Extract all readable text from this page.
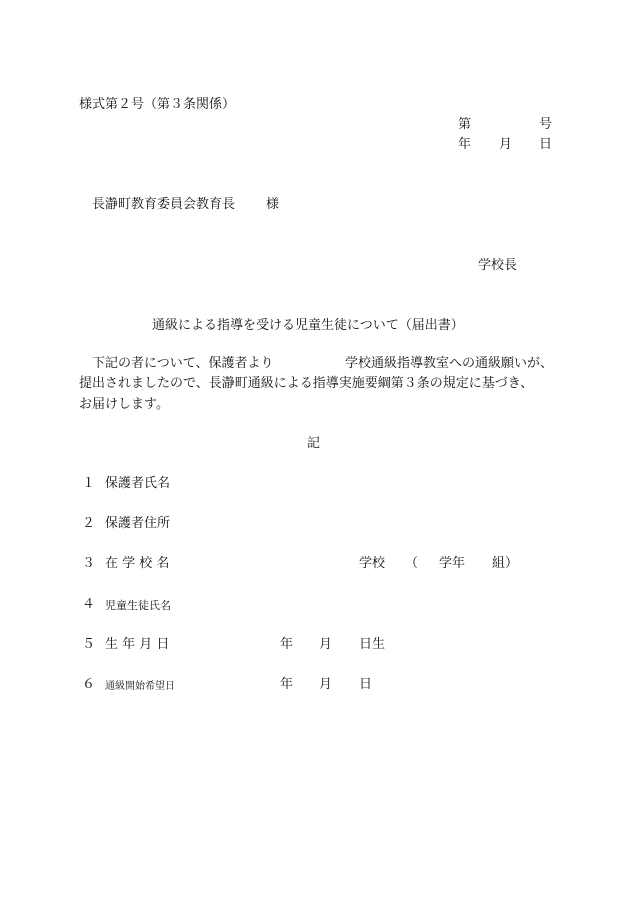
様式第２号（第３条関係）
第	号
年 月 日
長瀞町教育委員会教育長 様
学校長
通級による指導を受ける児童生徒について（届出書）
下記の者について、保護者より	学校通級指導教室への通級願いが、
提出されましたので、長瀞町通級による指導実施要綱第３条の規定に基づき、
お届けします。
記
１ 保護者氏名
２ 保護者住所
３ 在 学 校 名	学校 （ 学年 組）
４ 児童生徒氏名
５ 生 年 月 日	年 月 日生
６ 通級開始希望日	年 月 日
